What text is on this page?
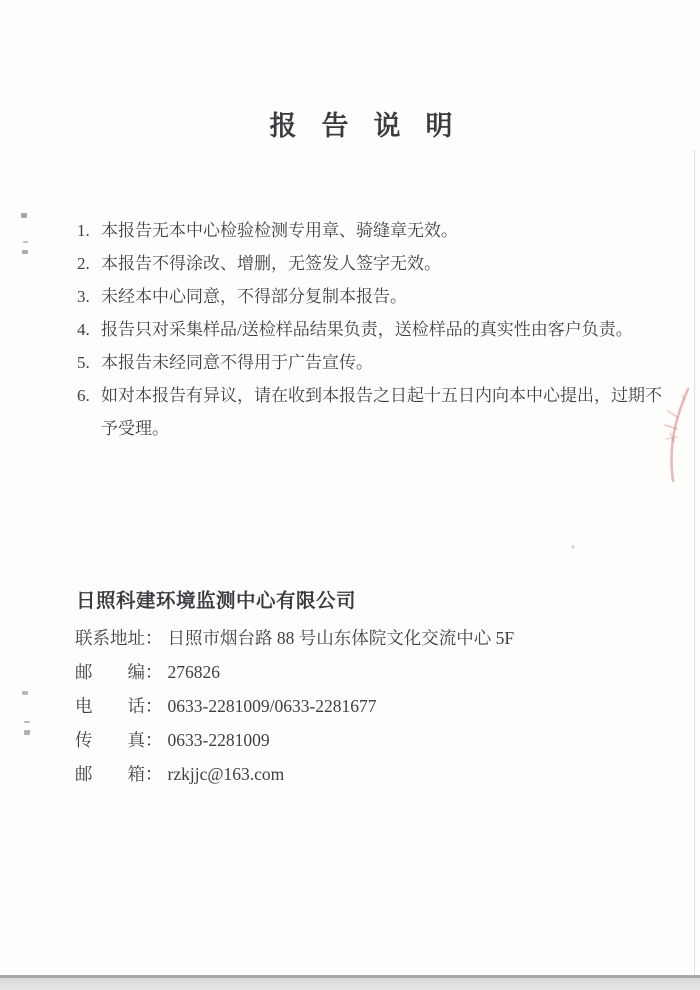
报告说明
1. 本报告无本中心检验检测专用章、骑缝章无效。
2. 本报告不得涂改、增删，无签发人签字无效。
3. 未经本中心同意，不得部分复制本报告。
4. 报告只对采集样品/送检样品结果负责，送检样品的真实性由客户负责。
5. 本报告未经同意不得用于广告宣传。
6. 如对本报告有异议，请在收到本报告之日起十五日内向本中心提出，过期不予受理。
日照科建环境监测中心有限公司
联系地址： 日照市烟台路 88 号山东体院文化交流中心 5F
邮　　编： 276826
电　　话： 0633-2281009/0633-2281677
传　　真： 0633-2281009
邮　　箱： rzkjjc@163.com
